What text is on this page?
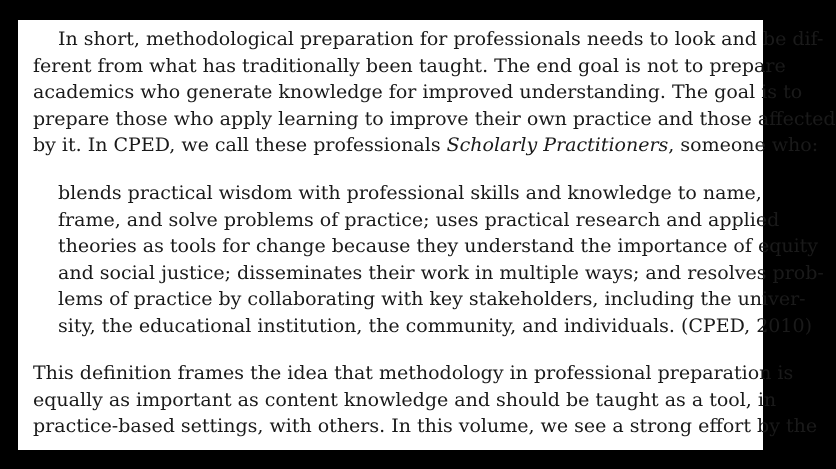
In short, methodological preparation for professionals needs to look and be dif-
ferent from what has traditionally been taught. The end goal is not to prepare
academics who generate knowledge for improved understanding. The goal is to
prepare those who apply learning to improve their own practice and those affected
by it. In CPED, we call these professionals Scholarly Practitioners, someone who:
blends practical wisdom with professional skills and knowledge to name,
frame, and solve problems of practice; uses practical research and applied
theories as tools for change because they understand the importance of equity
and social justice; disseminates their work in multiple ways; and resolves prob-
lems of practice by collaborating with key stakeholders, including the univer-
sity, the educational institution, the community, and individuals. (CPED, 2010)
This definition frames the idea that methodology in professional preparation is
equally as important as content knowledge and should be taught as a tool, in
practice-based settings, with others. In this volume, we see a strong effort by the
